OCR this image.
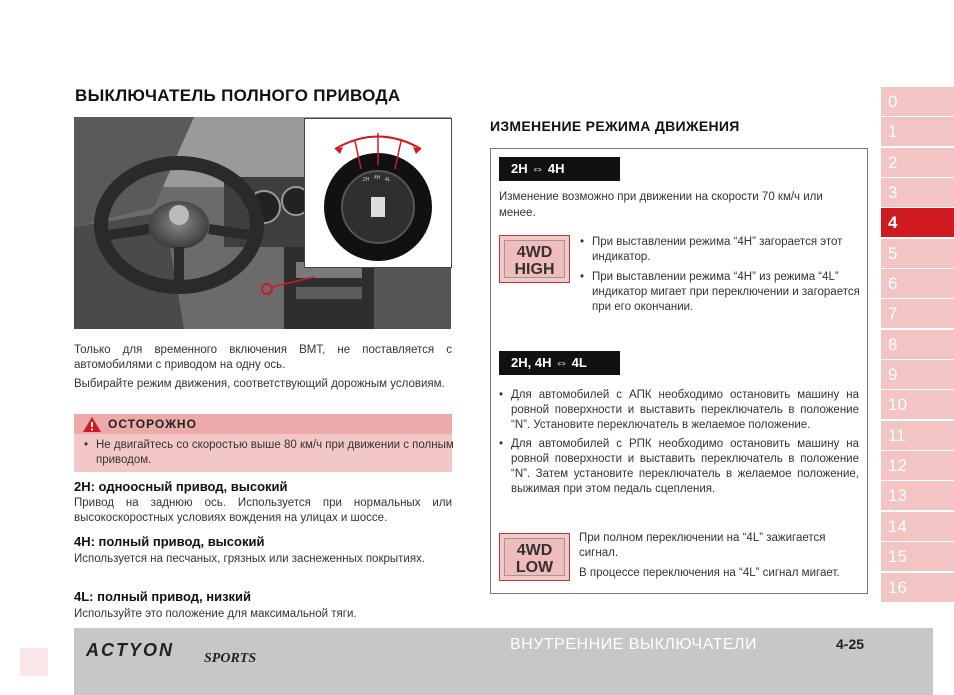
ВЫКЛЮЧАТЕЛЬ ПОЛНОГО ПРИВОДА
2H 4H 4L
Только для временного включения ВМТ, не поставляется с автомобилями с приводом на одну ось.
Выбирайте режим движения, соответствующий дорожным условиям.
ОСТОРОЖНО
• Не двигайтесь со скоростью выше 80 км/ч при движении с полным приводом.
2H: одноосный привод, высокий
Привод на заднюю ось. Используется при нормальных или высокоскоростных условиях вождения на улицах и шоссе.
4H: полный привод, высокий
Используется на песчаных, грязных или заснеженных покрытиях.
4L: полный привод, низкий
Используйте это положение для максимальной тяги.
ИЗМЕНЕНИЕ РЕЖИМА ДВИЖЕНИЯ
2H ⇔ 4H
Изменение возможно при движении на скорости 70 км/ч или менее.
4WD
HIGH
• При выставлении режима “4H” загорается этот индикатор.
• При выставлении режима “4H” из режима “4L” индикатор мигает при переключении и загорается при его окончании.
2H, 4H ⇔ 4L
• Для автомобилей с АПК необходимо остановить машину на ровной поверхности и выставить переключатель в положение “N”. Установите переключатель в желаемое положение.
• Для автомобилей с РПК необходимо остановить машину на ровной поверхности и выставить переключатель в положение “N”. Затем установите переключатель в желаемое положение, выжимая при этом педаль сцепления.
4WD
LOW
При полном переключении на “4L” зажигается сигнал.
В процессе переключения на “4L” сигнал мигает.
0
1
2
3
4
5
6
7
8
9
10
11
12
13
14
15
16
ACTYON SPORTS
ВНУТРЕННИЕ ВЫКЛЮЧАТЕЛИ	4-25
